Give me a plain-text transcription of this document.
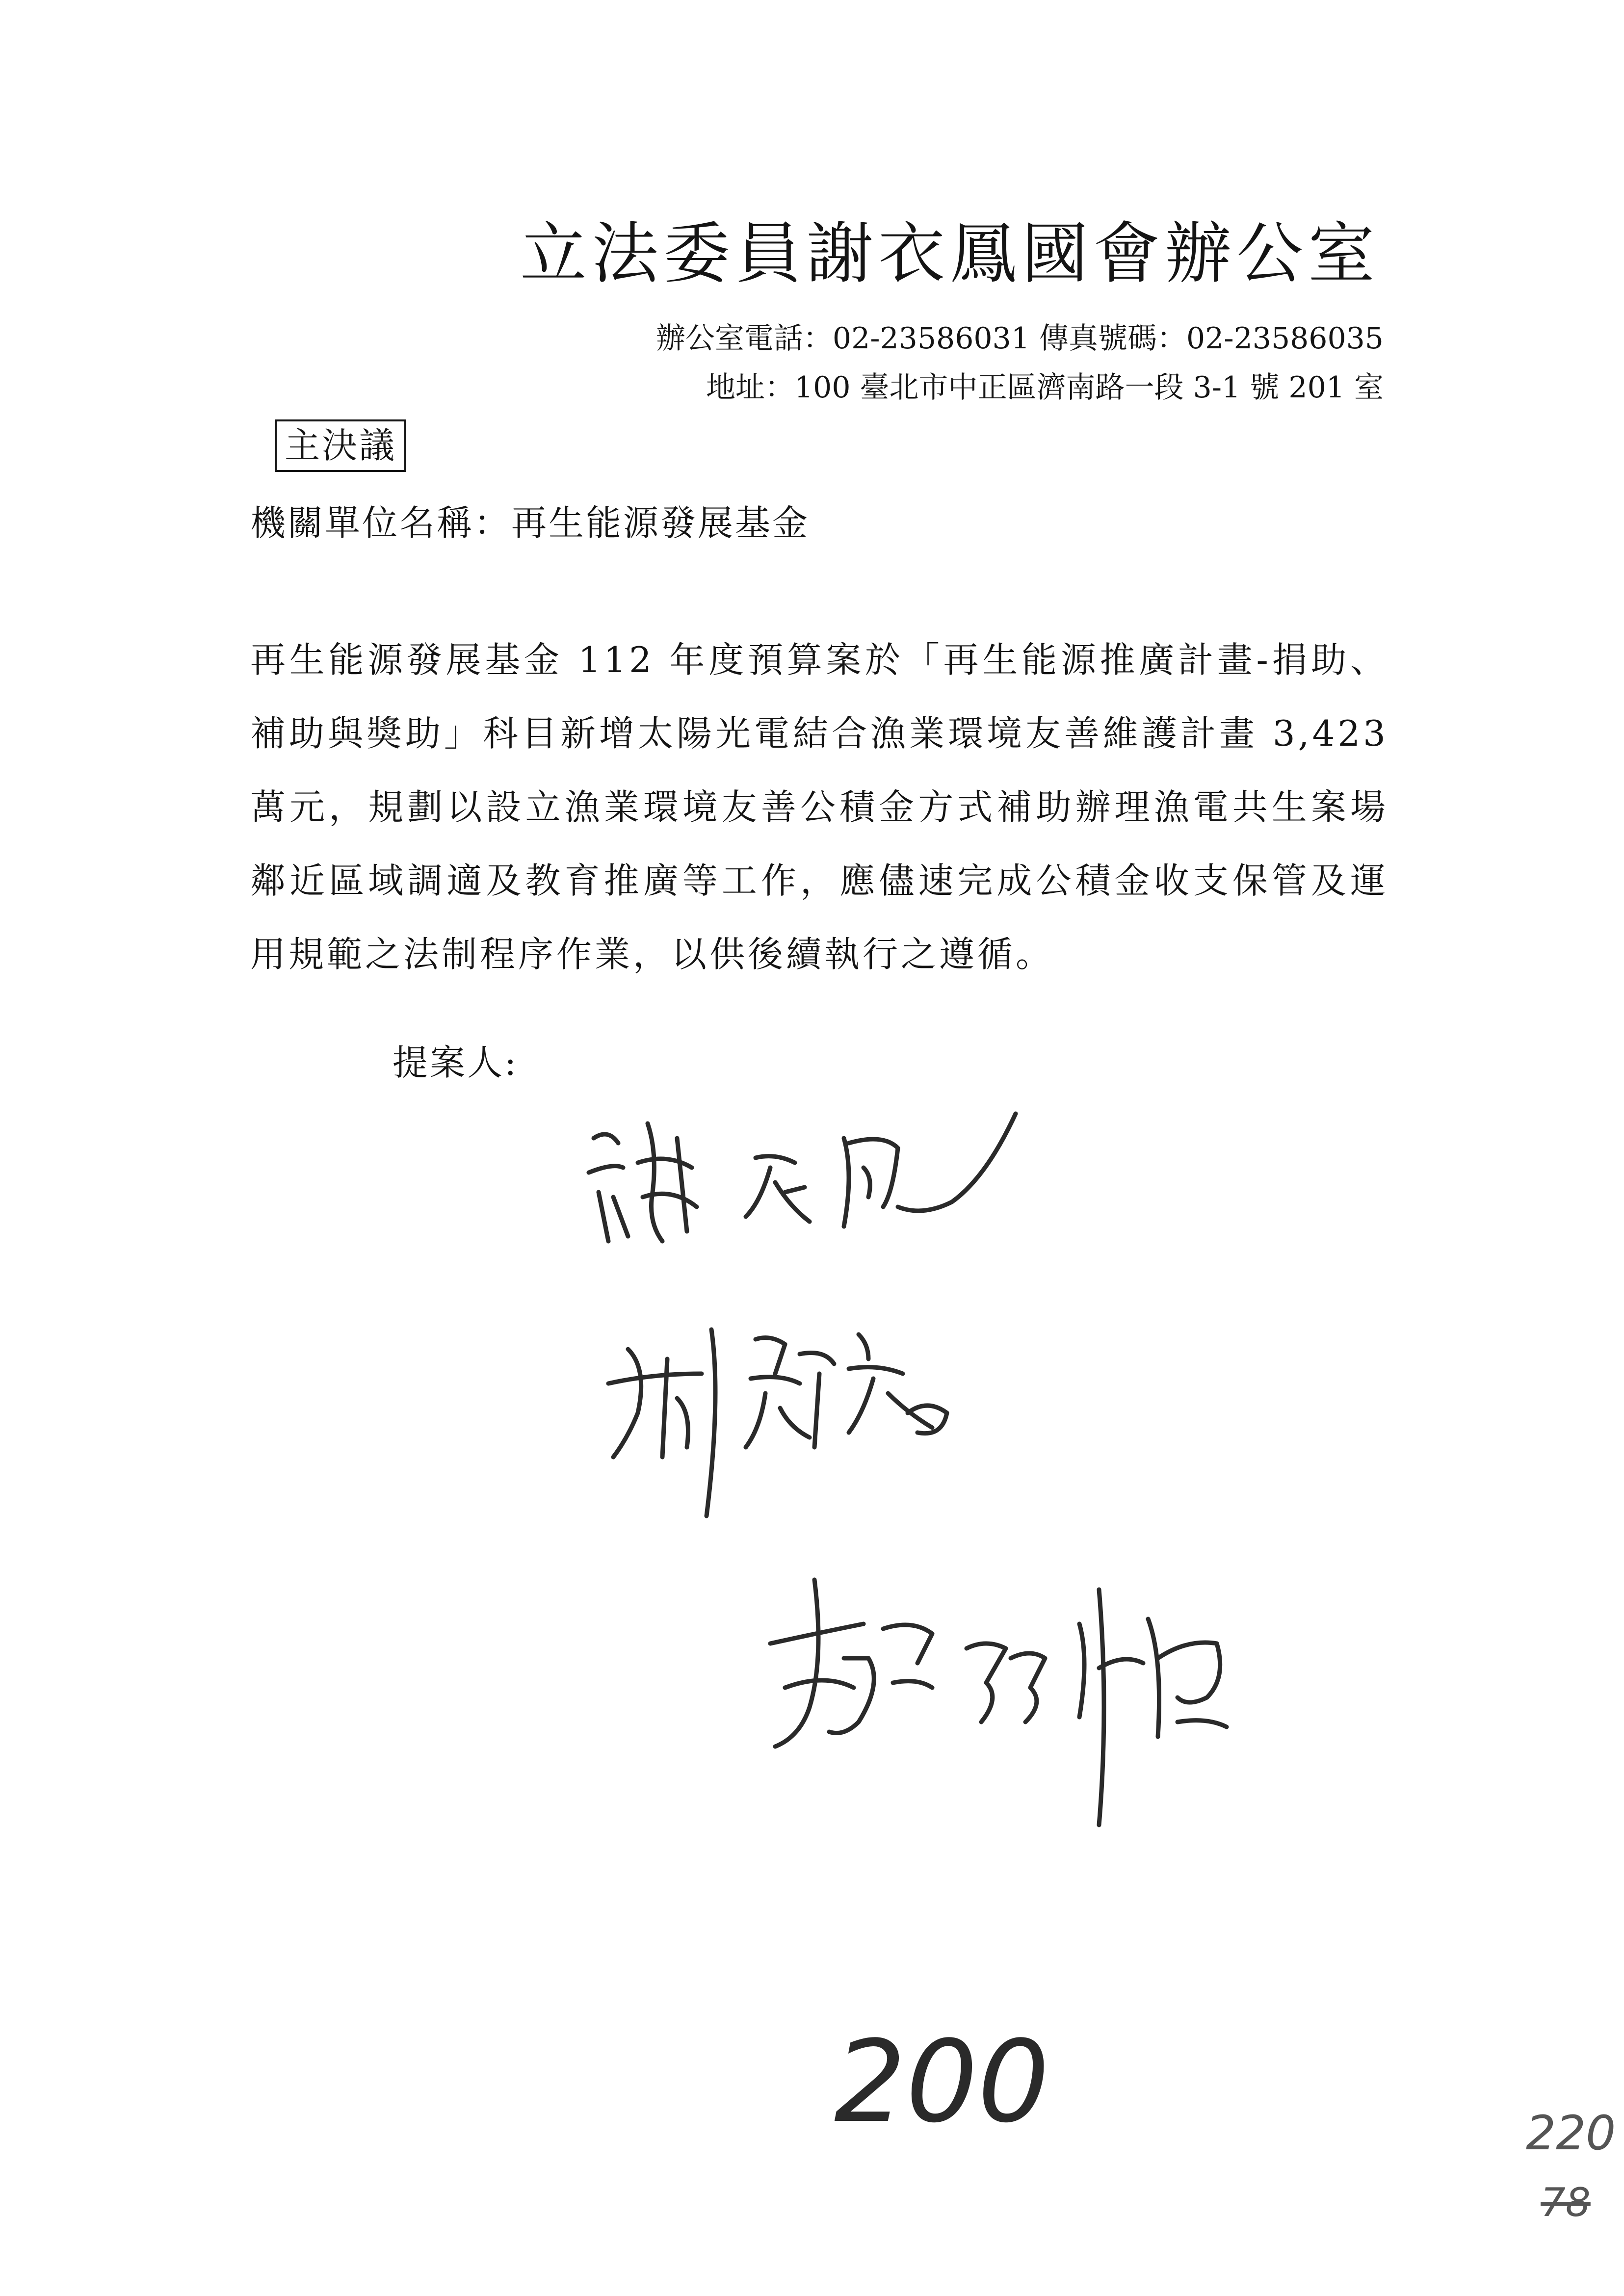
立法委員謝衣鳳國會辦公室
辦公室電話：02-23586031 傳真號碼：02-23586035
地址：100 臺北市中正區濟南路一段 3-1 號 201 室
主決議
機關單位名稱：再生能源發展基金
再生能源發展基金 112 年度預算案於「再生能源推廣計畫-捐助、補助與獎助」科目新增太陽光電結合漁業環境友善維護計畫 3,423 萬元，規劃以設立漁業環境友善公積金方式補助辦理漁電共生案場鄰近區域調適及教育推廣等工作，應儘速完成公積金收支保管及運用規範之法制程序作業，以供後續執行之遵循。
提案人:
200	220
78
